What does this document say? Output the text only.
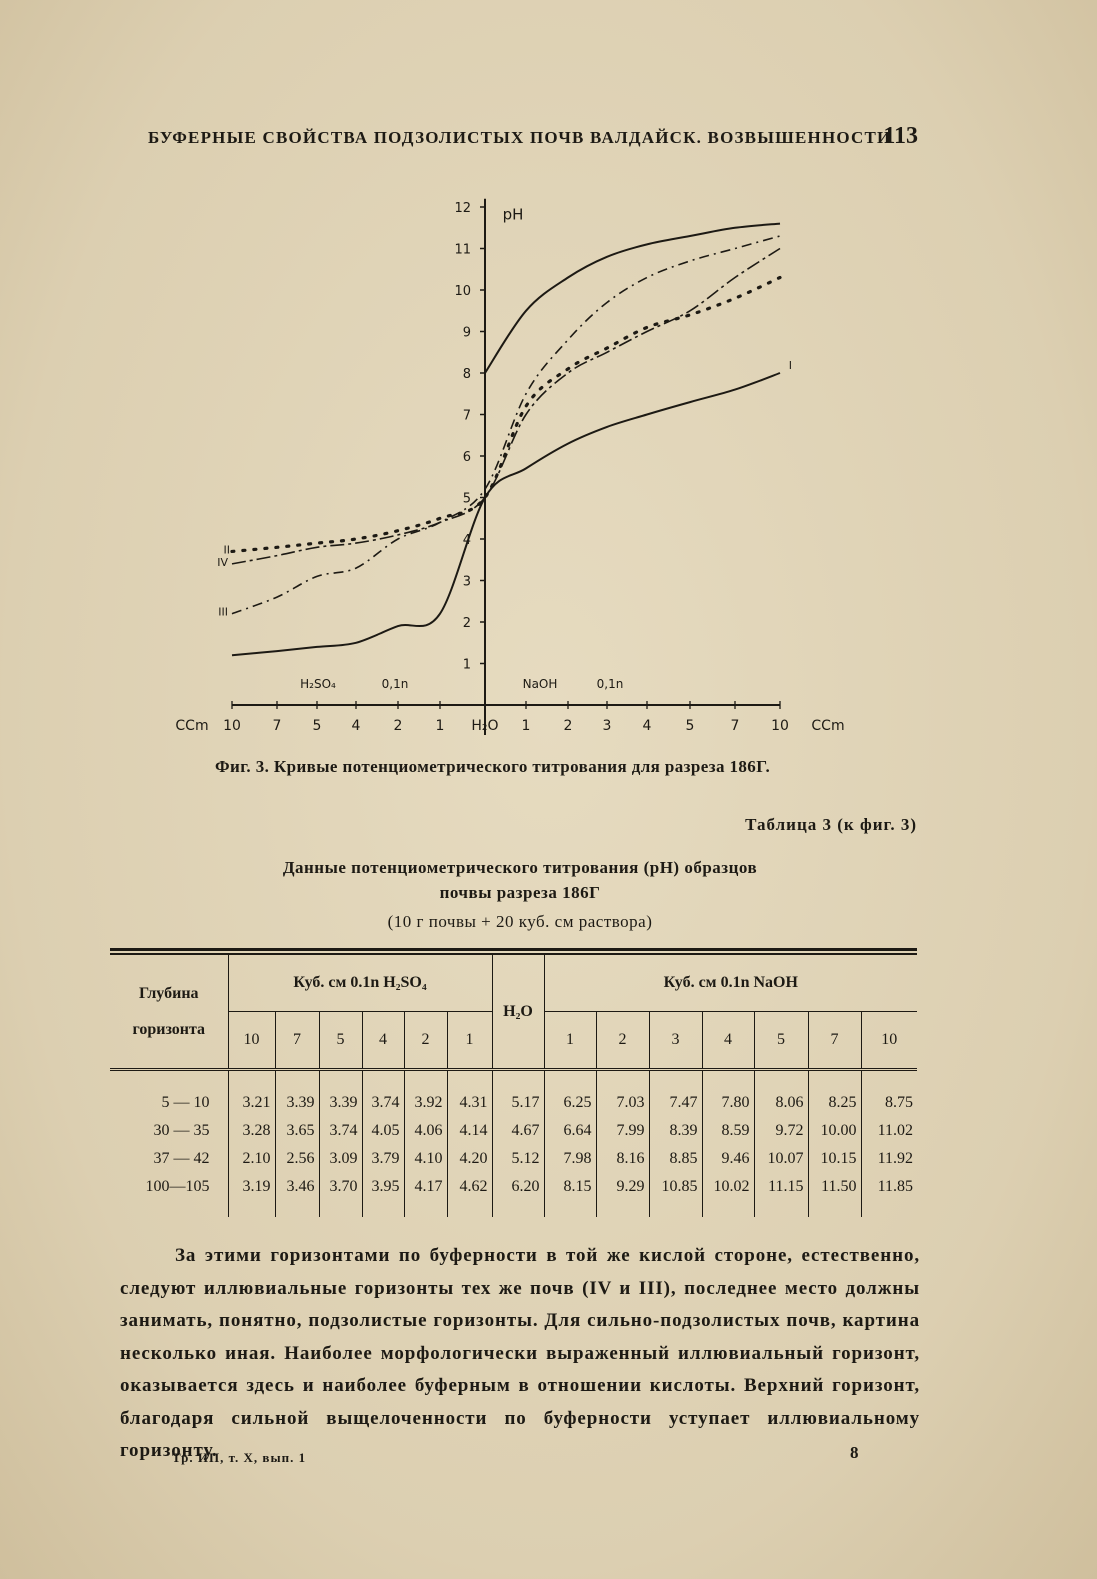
БУФЕРНЫЕ СВОЙСТВА ПОДЗОЛИСТЫХ ПОЧВ ВАЛДАЙСК. ВОЗВЫШЕННОСТИ
113
1
2
3
4
5
6
7
8
9
10
11
12 pH
CCm 10 7 5 4 2 1 H₂O 1 2 3 4 5	7 10 CCm
H₂SO₄	0,1n	NaOH	0,1n
I
II
III
IV
Фиг. 3. Кривые потенциометрического титрования для разреза 186Г.
Таблица 3 (к фиг. 3)
Данные потенциометрического титрования (pH) образцов
почвы разреза 186Г
(10 г почвы + 20 куб. см раствора)
Глубина
горизонта	Куб. см 0.1n H₂SO₄						H₂O	Куб. см 0.1n NaOH						
	10	7	5	4	2	1		1	2	3	4	5	7	10
5 — 10	3.21	3.39	3.39	3.74	3.92	4.31	5.17	6.25	7.03	7.47	7.80	8.06	8.25	8.75
30 — 35	3.28	3.65	3.74	4.05	4.06	4.14	4.67	6.64	7.99	8.39	8.59	9.72	10.00	11.02
37 — 42	2.10	2.56	3.09	3.79	4.10	4.20	5.12	7.98	8.16	8.85	9.46	10.07	10.15	11.92
100—105	3.19	3.46	3.70	3.95	4.17	4.62	6.20	8.15	9.29	10.85	10.02	11.15	11.50	11.85

За этими горизонтами по буферности в той же кислой стороне, естественно, следуют иллювиальные горизонты тех же почв (IV и III), последнее место должны занимать, понятно, подзолистые горизонты. Для сильно-подзолистых почв, картина несколько иная. Наиболее морфологически выраженный иллювиальный горизонт, оказывается здесь и наиболее буферным в отношении кислоты. Верхний горизонт, благодаря сильной выщелоченности по буферности уступает иллювиальному горизонту.

Тр. ИП, т. X, вып. 1	8
